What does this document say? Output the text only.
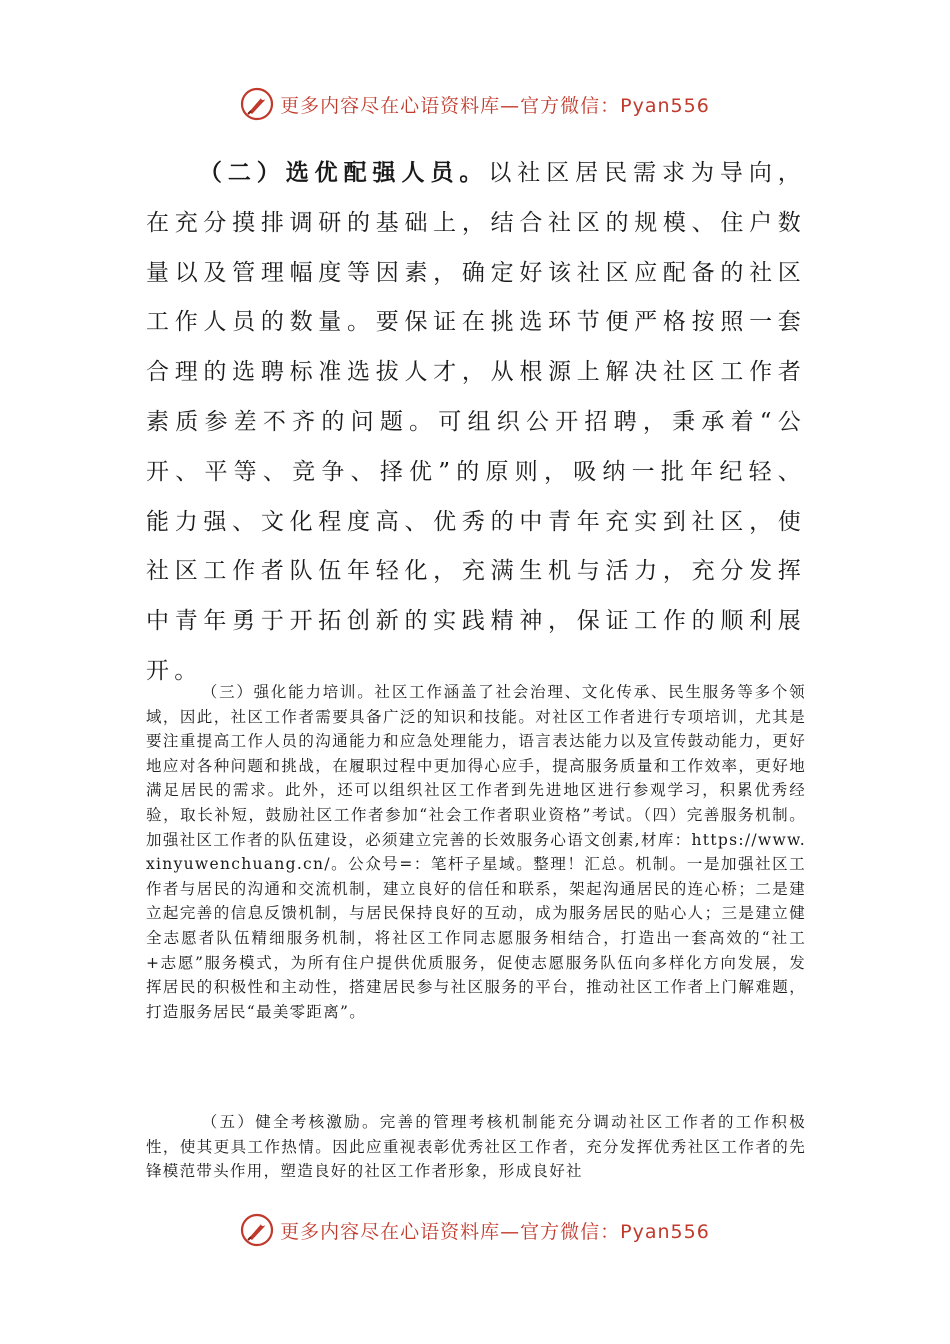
更多内容尽在心语资料库—官方微信：Pyan556

（二）选优配强人员。以社区居民需求为导向，在充分摸排调研的基础上，结合社区的规模、住户数量以及管理幅度等因素，确定好该社区应配备的社区工作人员的数量。要保证在挑选环节便严格按照一套合理的选聘标准选拔人才，从根源上解决社区工作者素质参差不齐的问题。可组织公开招聘，秉承着“公开、平等、竞争、择优”的原则，吸纳一批年纪轻、能力强、文化程度高、优秀的中青年充实到社区，使社区工作者队伍年轻化，充满生机与活力，充分发挥中青年勇于开拓创新的实践精神，保证工作的顺利展开。

（三）强化能力培训。社区工作涵盖了社会治理、文化传承、民生服务等多个领域，因此，社区工作者需要具备广泛的知识和技能。对社区工作者进行专项培训，尤其是要注重提高工作人员的沟通能力和应急处理能力，语言表达能力以及宣传鼓动能力，更好地应对各种问题和挑战，在履职过程中更加得心应手，提高服务质量和工作效率，更好地满足居民的需求。此外，还可以组织社区工作者到先进地区进行参观学习，积累优秀经验，取长补短，鼓励社区工作者参加“社会工作者职业资格”考试。（四）完善服务机制。加强社区工作者的队伍建设，必须建立完善的长效服务心语文创素,材库：https://www.xinyuwenchuang.cn/。公众号=：笔杆子星域。整理！汇总。机制。一是加强社区工作者与居民的沟通和交流机制，建立良好的信任和联系，架起沟通居民的连心桥；二是建立起完善的信息反馈机制，与居民保持良好的互动，成为服务居民的贴心人；三是建立健全志愿者队伍精细服务机制，将社区工作同志愿服务相结合，打造出一套高效的“社工+志愿”服务模式，为所有住户提供优质服务，促使志愿服务队伍向多样化方向发展，发挥居民的积极性和主动性，搭建居民参与社区服务的平台，推动社区工作者上门解难题，打造服务居民“最美零距离”。

（五）健全考核激励。完善的管理考核机制能充分调动社区工作者的工作积极性，使其更具工作热情。因此应重视表彰优秀社区工作者，充分发挥优秀社区工作者的先锋模范带头作用，塑造良好的社区工作者形象，形成良好社

更多内容尽在心语资料库—官方微信：Pyan556
